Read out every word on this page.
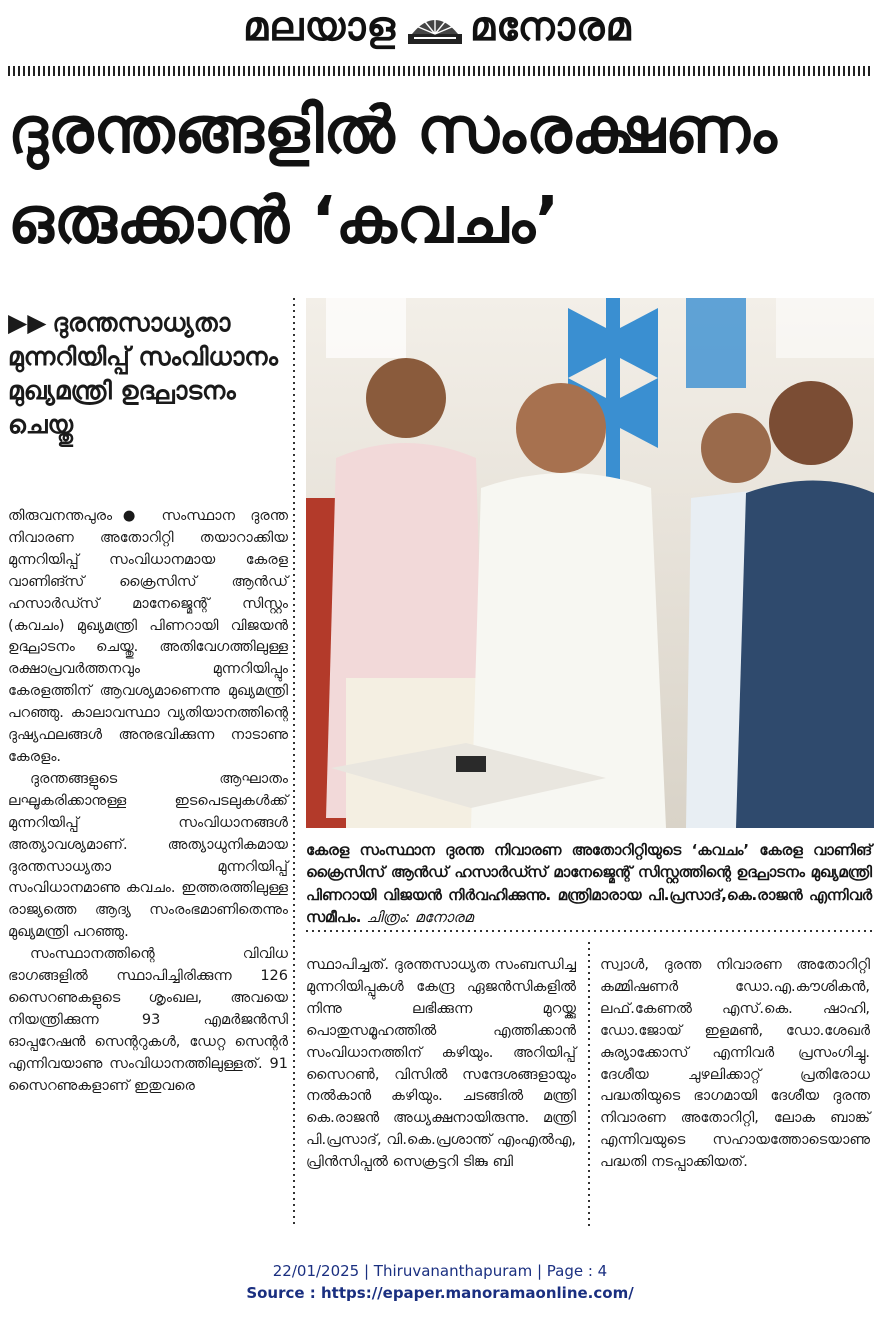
മലയാള മനോരമ
ദുരന്തങ്ങളിൽ സംരക്ഷണം
ഒരുക്കാൻ ‘കവചം’
▶▶ ദുരന്തസാധ്യതാ മുന്നറിയിപ്പ് സംവിധാനം മുഖ്യമന്ത്രി ഉദ്ഘാടനം ചെയ്തു

തിരുവനന്തപുരം● സംസ്ഥാന ദുരന്ത നിവാരണ അതോറിറ്റി തയാറാക്കിയ മുന്നറിയിപ്പ് സംവിധാനമായ കേരള വാണിങ്സ് ക്രൈസിസ് ആൻഡ് ഹസാർഡ്സ് മാനേജ്മെന്റ് സിസ്റ്റം (കവചം) മുഖ്യമന്ത്രി പിണറായി വിജയൻ ഉദ്ഘാടനം ചെയ്തു. അതിവേഗത്തിലുള്ള രക്ഷാപ്രവർത്തനവും മുന്നറിയിപ്പും കേരളത്തിന് ആവശ്യമാണെന്നു മുഖ്യമന്ത്രി പറഞ്ഞു. കാലാവസ്ഥാ വ്യതിയാനത്തിന്റെ ദുഷ്യഫലങ്ങൾ അനുഭവിക്കുന്ന നാടാണു കേരളം.

ദുരന്തങ്ങളുടെ ആഘാതം ലഘൂകരിക്കാനുള്ള ഇടപെടലുകൾക്ക് മുന്നറിയിപ്പ് സംവിധാനങ്ങൾ അത്യാവശ്യമാണ്. അത്യാധുനികമായ ദുരന്തസാധ്യതാ മുന്നറിയിപ്പ് സംവിധാനമാണു കവചം. ഇത്തരത്തിലുള്ള രാജ്യത്തെ ആദ്യ സംരംഭമാണിതെന്നും മുഖ്യമന്ത്രി പറഞ്ഞു.

സംസ്ഥാനത്തിന്റെ വിവിധ ഭാഗങ്ങളിൽ സ്ഥാപിച്ചിരിക്കുന്ന 126 സൈറണുകളുടെ ശൃംഖല, അവയെ നിയന്ത്രിക്കുന്ന 93 എമർജൻസി ഓപ്പറേഷൻ സെന്ററുകൾ, ഡേറ്റ സെന്റർ എന്നിവയാണു സംവിധാനത്തിലുള്ളത്. 91 സൈറണുകളാണ് ഇതുവരെ

കേരള സംസ്ഥാന ദുരന്ത നിവാരണ അതോറിറ്റിയുടെ ‘കവചം’ കേരള വാണിങ് ക്രൈസിസ് ആൻഡ് ഹസാർഡ്സ് മാനേജ്മെന്റ് സിസ്റ്റത്തിന്റെ ഉദ്ഘാടനം മുഖ്യമന്ത്രി പിണറായി വിജയൻ നിർവഹിക്കുന്നു. മന്ത്രിമാരായ പി.പ്രസാദ്,കെ.രാജൻ എന്നിവർ സമീപം. ചിത്രം: മനോരമ

സ്ഥാപിച്ചത്. ദുരന്തസാധ്യത സംബന്ധിച്ച മുന്നറിയിപ്പുകൾ കേന്ദ്ര ഏജൻസികളിൽ നിന്നു ലഭിക്കുന്ന മുറയ്ക്കു പൊതുസമൂഹത്തിൽ എത്തിക്കാൻ സംവിധാനത്തിന് കഴിയും. അറിയിപ്പ് സൈറൺ, വിസിൽ സന്ദേശങ്ങളായും നൽകാൻ കഴിയും. ചടങ്ങിൽ മന്ത്രി കെ.രാജൻ അധ്യക്ഷനായിരുന്നു. മന്ത്രി പി.പ്രസാദ്, വി.കെ.പ്രശാന്ത് എംഎൽഎ, പ്രിൻസിപ്പൽ സെക്രട്ടറി ടിങ്കു ബി

സ്വാൾ, ദുരന്ത നിവാരണ അതോറിറ്റി കമ്മിഷണർ ഡോ.എ.കൗശികൻ, ലഫ്.കേണൽ എസ്.കെ. ഷാഹി, ഡോ.ജോയ് ഇളമൺ, ഡോ.ശേഖർ കുര്യാക്കോസ് എന്നിവർ പ്രസംഗിച്ചു. ദേശീയ ചുഴലിക്കാറ്റ് പ്രതിരോധ പദ്ധതിയുടെ ഭാഗമായി ദേശീയ ദുരന്ത നിവാരണ അതോറിറ്റി, ലോക ബാങ്ക് എന്നിവയുടെ സഹായത്തോടെയാണു പദ്ധതി നടപ്പാക്കിയത്.

22/01/2025 | Thiruvananthapuram | Page : 4
Source : https://epaper.manoramaonline.com/
